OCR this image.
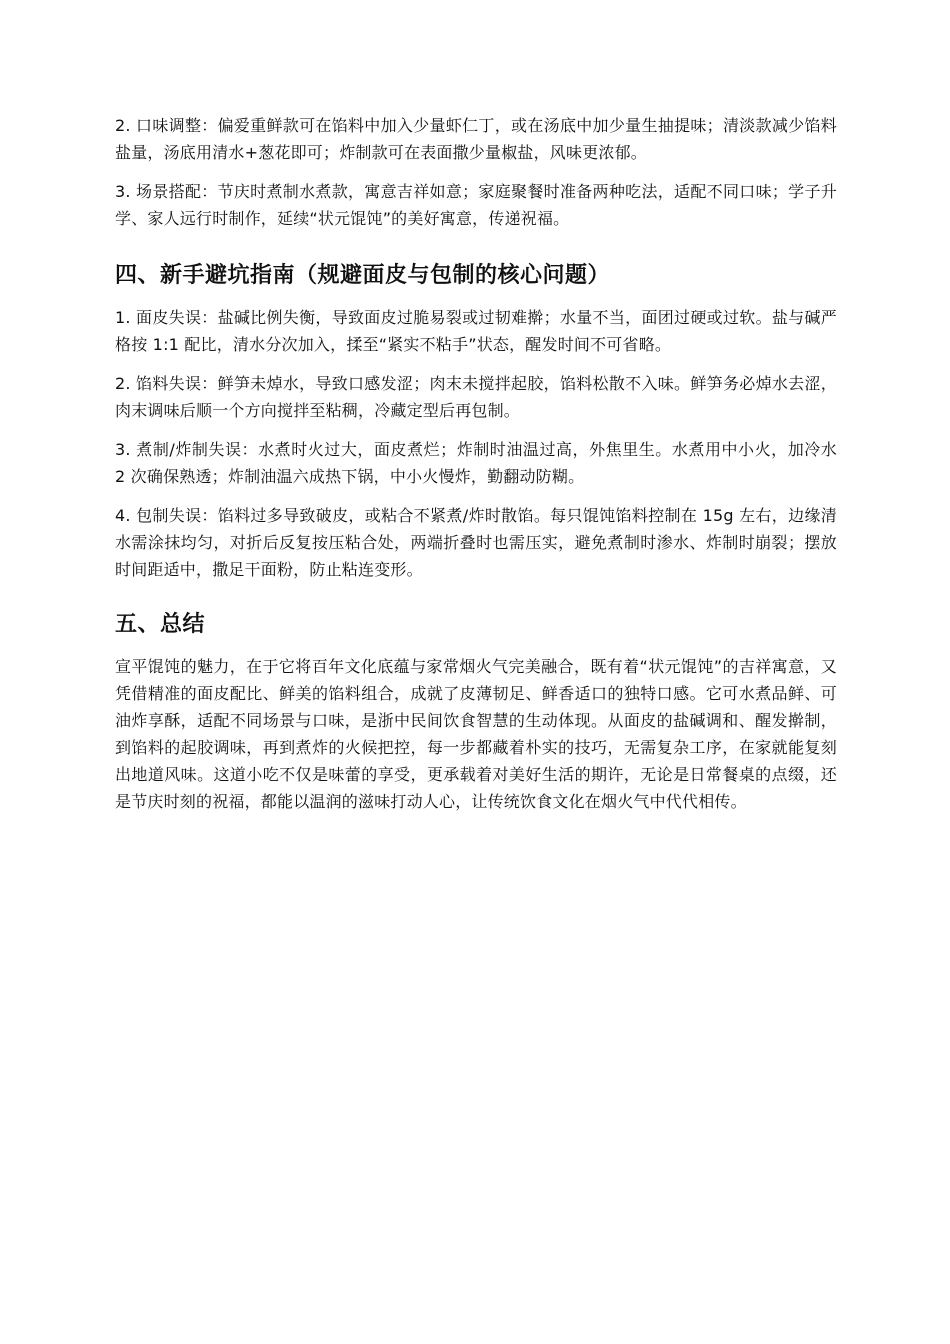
2. 口味调整：偏爱重鲜款可在馅料中加入少量虾仁丁，或在汤底中加少量生抽提味；清淡款减少馅料盐量，汤底用清水+葱花即可；炸制款可在表面撒少量椒盐，风味更浓郁。

3. 场景搭配：节庆时煮制水煮款，寓意吉祥如意；家庭聚餐时准备两种吃法，适配不同口味；学子升学、家人远行时制作，延续“状元馄饨”的美好寓意，传递祝福。

四、新手避坑指南（规避面皮与包制的核心问题）

1. 面皮失误：盐碱比例失衡，导致面皮过脆易裂或过韧难擀；水量不当，面团过硬或过软。盐与碱严格按 1:1 配比，清水分次加入，揉至“紧实不粘手”状态，醒发时间不可省略。

2. 馅料失误：鲜笋未焯水，导致口感发涩；肉末未搅拌起胶，馅料松散不入味。鲜笋务必焯水去涩，肉末调味后顺一个方向搅拌至粘稠，冷藏定型后再包制。

3. 煮制/炸制失误：水煮时火过大，面皮煮烂；炸制时油温过高，外焦里生。水煮用中小火，加冷水 2 次确保熟透；炸制油温六成热下锅，中小火慢炸，勤翻动防糊。

4. 包制失误：馅料过多导致破皮，或粘合不紧煮/炸时散馅。每只馄饨馅料控制在 15g 左右，边缘清水需涂抹均匀，对折后反复按压粘合处，两端折叠时也需压实，避免煮制时渗水、炸制时崩裂；摆放时间距适中，撒足干面粉，防止粘连变形。

五、总结

宣平馄饨的魅力，在于它将百年文化底蕴与家常烟火气完美融合，既有着“状元馄饨”的吉祥寓意，又凭借精准的面皮配比、鲜美的馅料组合，成就了皮薄韧足、鲜香适口的独特口感。它可水煮品鲜、可油炸享酥，适配不同场景与口味，是浙中民间饮食智慧的生动体现。从面皮的盐碱调和、醒发擀制，到馅料的起胶调味，再到煮炸的火候把控，每一步都藏着朴实的技巧，无需复杂工序，在家就能复刻出地道风味。这道小吃不仅是味蕾的享受，更承载着对美好生活的期许，无论是日常餐桌的点缀，还是节庆时刻的祝福，都能以温润的滋味打动人心，让传统饮食文化在烟火气中代代相传。
